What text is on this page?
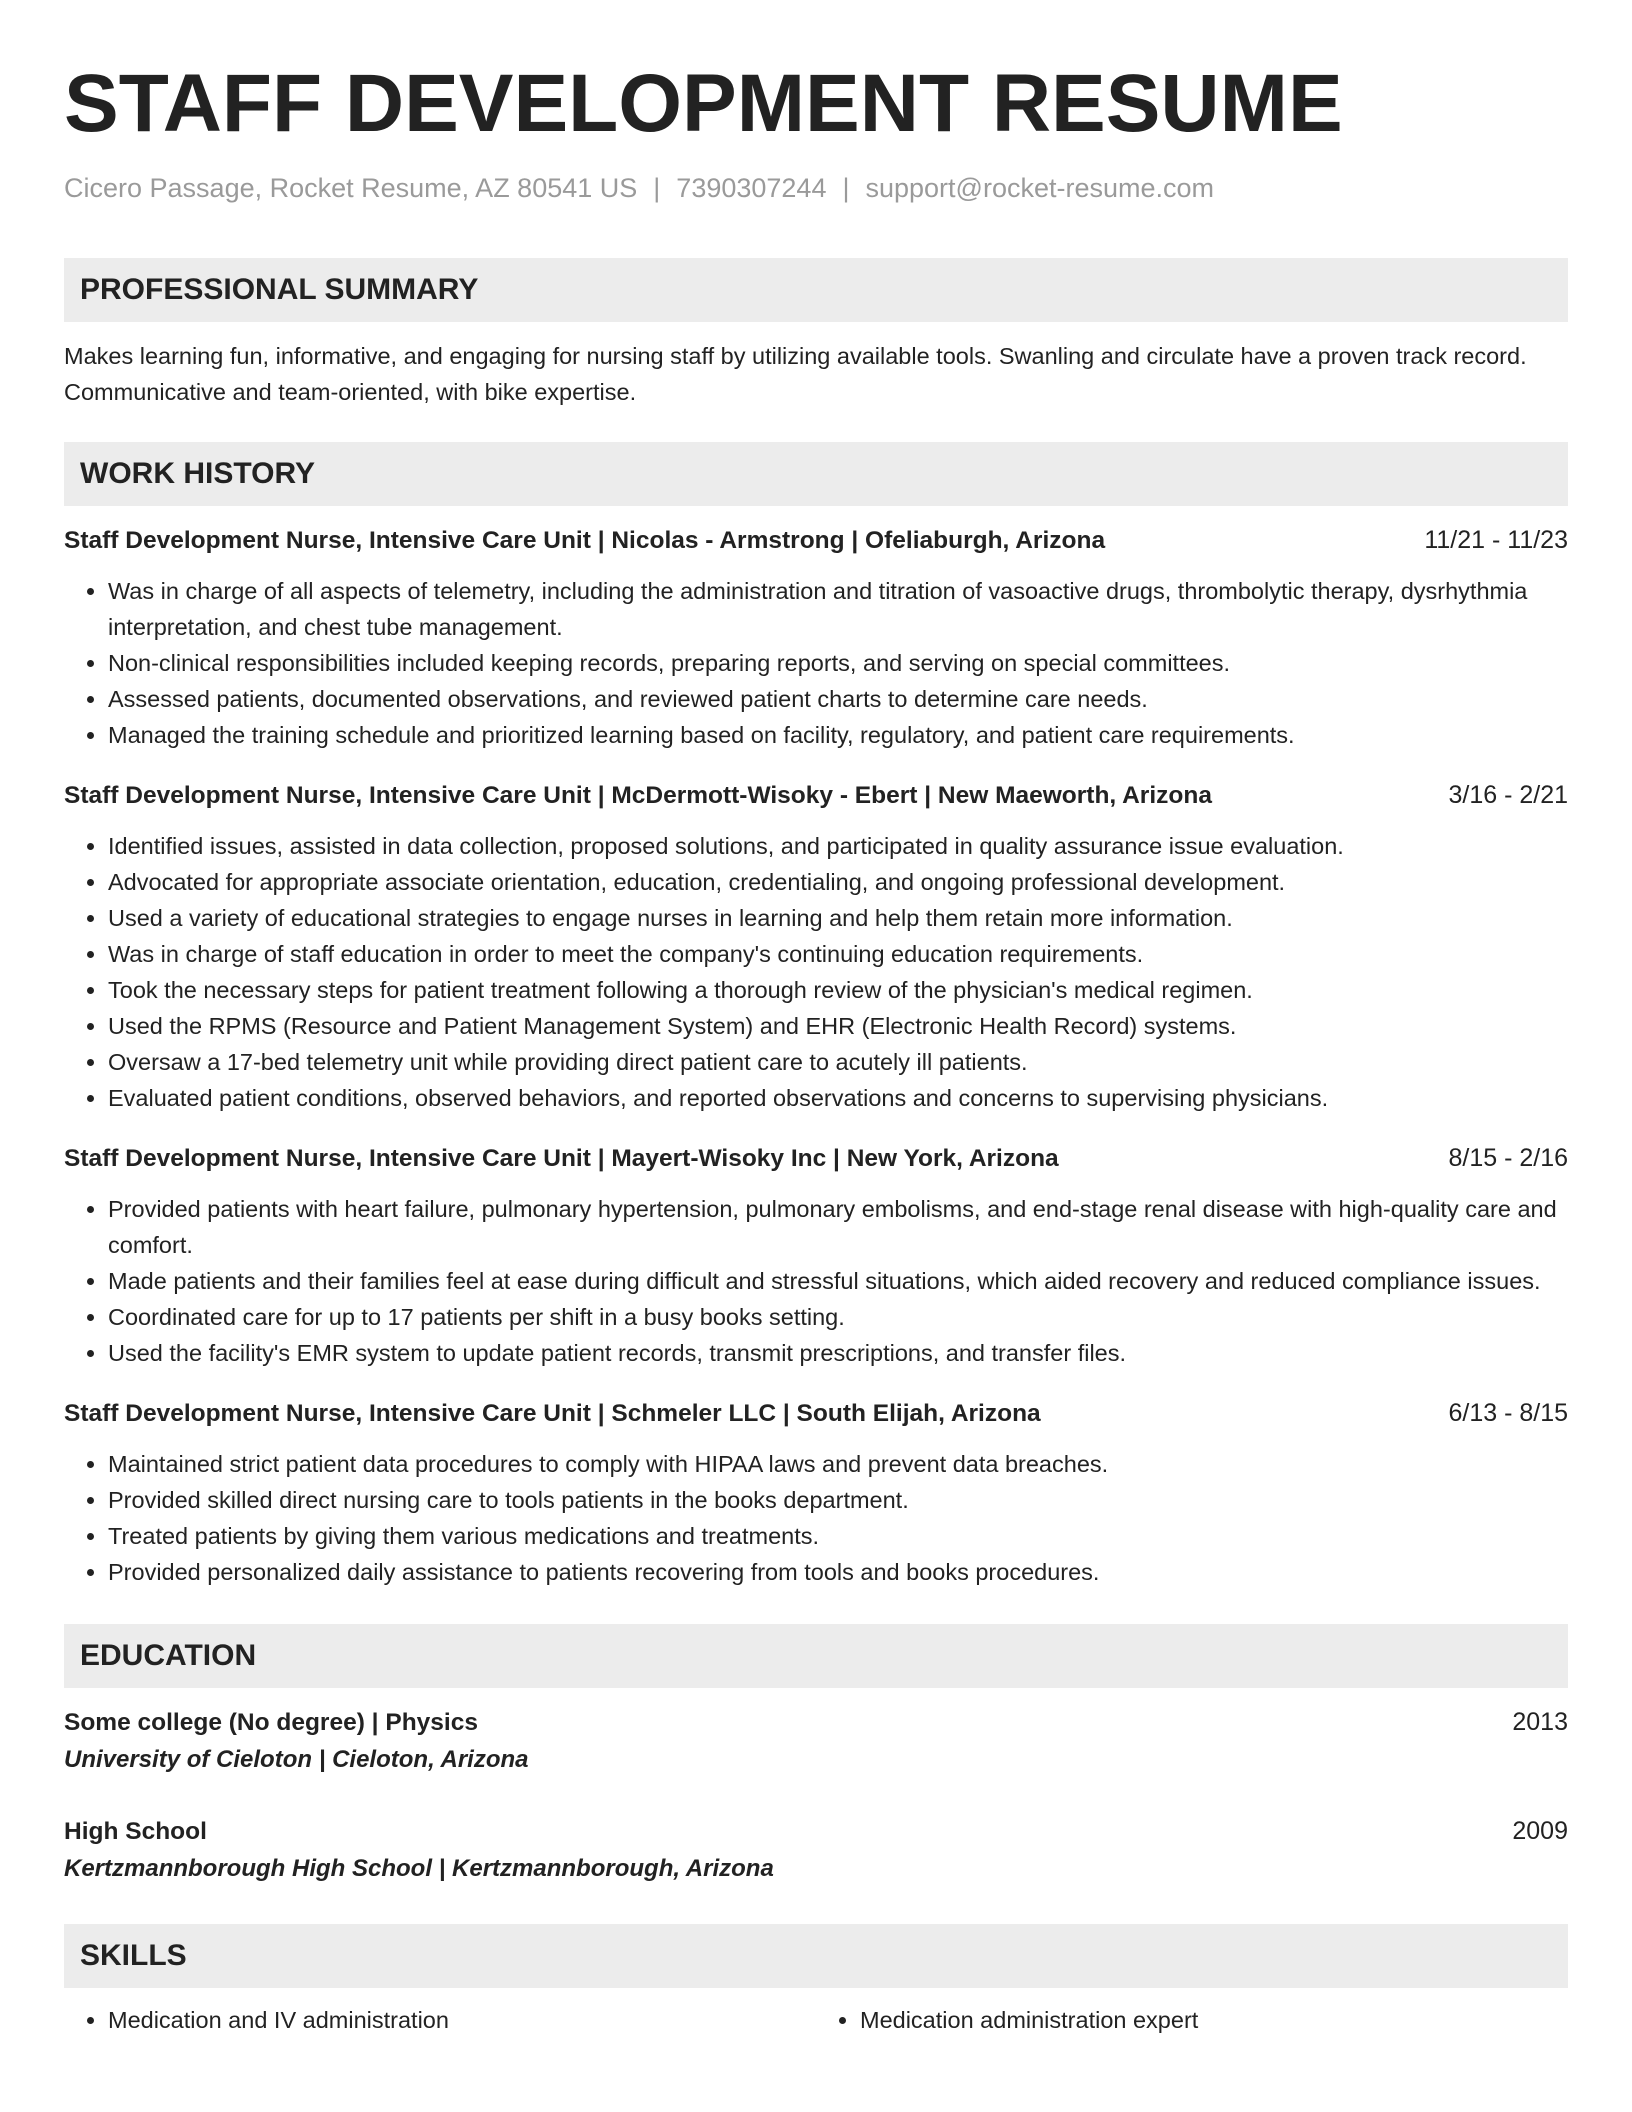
STAFF DEVELOPMENT RESUME
Cicero Passage, Rocket Resume, AZ 80541 US | 7390307244 | support@rocket-resume.com
PROFESSIONAL SUMMARY
Makes learning fun, informative, and engaging for nursing staff by utilizing available tools. Swanling and circulate have a proven track record. Communicative and team-oriented, with bike expertise.
WORK HISTORY
Staff Development Nurse, Intensive Care Unit | Nicolas - Armstrong | Ofeliaburgh, Arizona	11/21 - 11/23
• Was in charge of all aspects of telemetry, including the administration and titration of vasoactive drugs, thrombolytic therapy, dysrhythmia interpretation, and chest tube management.
• Non-clinical responsibilities included keeping records, preparing reports, and serving on special committees.
• Assessed patients, documented observations, and reviewed patient charts to determine care needs.
• Managed the training schedule and prioritized learning based on facility, regulatory, and patient care requirements.
Staff Development Nurse, Intensive Care Unit | McDermott-Wisoky - Ebert | New Maeworth, Arizona	3/16 - 2/21
• Identified issues, assisted in data collection, proposed solutions, and participated in quality assurance issue evaluation.
• Advocated for appropriate associate orientation, education, credentialing, and ongoing professional development.
• Used a variety of educational strategies to engage nurses in learning and help them retain more information.
• Was in charge of staff education in order to meet the company's continuing education requirements.
• Took the necessary steps for patient treatment following a thorough review of the physician's medical regimen.
• Used the RPMS (Resource and Patient Management System) and EHR (Electronic Health Record) systems.
• Oversaw a 17-bed telemetry unit while providing direct patient care to acutely ill patients.
• Evaluated patient conditions, observed behaviors, and reported observations and concerns to supervising physicians.
Staff Development Nurse, Intensive Care Unit | Mayert-Wisoky Inc | New York, Arizona	8/15 - 2/16
• Provided patients with heart failure, pulmonary hypertension, pulmonary embolisms, and end-stage renal disease with high-quality care and comfort.
• Made patients and their families feel at ease during difficult and stressful situations, which aided recovery and reduced compliance issues.
• Coordinated care for up to 17 patients per shift in a busy books setting.
• Used the facility's EMR system to update patient records, transmit prescriptions, and transfer files.
Staff Development Nurse, Intensive Care Unit | Schmeler LLC | South Elijah, Arizona	6/13 - 8/15
• Maintained strict patient data procedures to comply with HIPAA laws and prevent data breaches.
• Provided skilled direct nursing care to tools patients in the books department.
• Treated patients by giving them various medications and treatments.
• Provided personalized daily assistance to patients recovering from tools and books procedures.
EDUCATION
Some college (No degree) | Physics	2013
University of Cieloton | Cieloton, Arizona
High School	2009
Kertzmannborough High School | Kertzmannborough, Arizona
SKILLS
• Medication and IV administration
•	Medication administration expert
